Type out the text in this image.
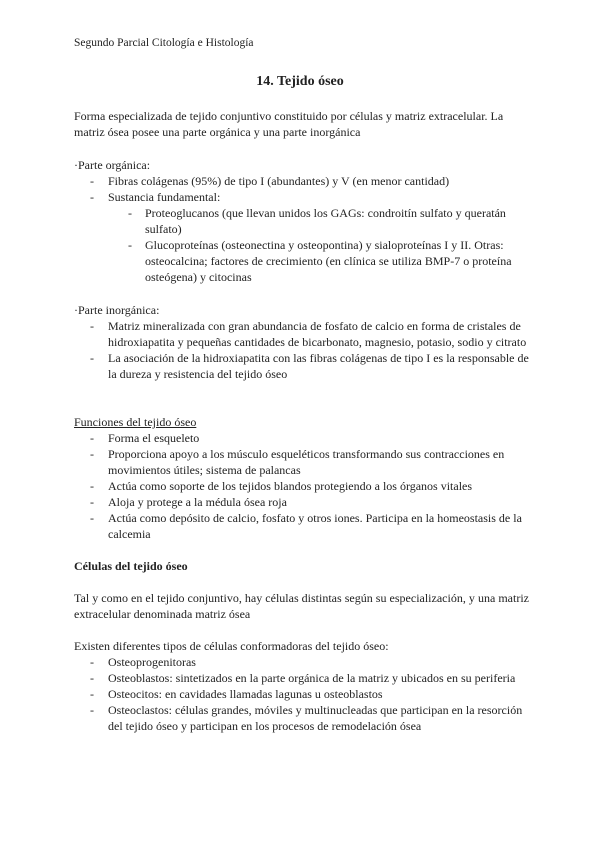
Segundo Parcial Citología e Histología
14. Tejido óseo
Forma especializada de tejido conjuntivo constituido por células y matriz extracelular. La matriz ósea posee una parte orgánica y una parte inorgánica
·Parte orgánica:
- Fibras colágenas (95%) de tipo I (abundantes) y V (en menor cantidad)
- Sustancia fundamental:
- Proteoglucanos (que llevan unidos los GAGs: condroitín sulfato y queratán sulfato)
- Glucoproteínas (osteonectina y osteopontina) y sialoproteínas I y II. Otras: osteocalcina; factores de crecimiento (en clínica se utiliza BMP-7 o proteína osteógena) y citocinas
·Parte inorgánica:
- Matriz mineralizada con gran abundancia de fosfato de calcio en forma de cristales de hidroxiapatita y pequeñas cantidades de bicarbonato, magnesio, potasio, sodio y citrato
- La asociación de la hidroxiapatita con las fibras colágenas de tipo I es la responsable de la dureza y resistencia del tejido óseo
Funciones del tejido óseo
- Forma el esqueleto
- Proporciona apoyo a los músculo esqueléticos transformando sus contracciones en movimientos útiles; sistema de palancas
- Actúa como soporte de los tejidos blandos protegiendo a los órganos vitales
- Aloja y protege a la médula ósea roja
- Actúa como depósito de calcio, fosfato y otros iones. Participa en la homeostasis de la calcemia
Células del tejido óseo
Tal y como en el tejido conjuntivo, hay células distintas según su especialización, y una matriz extracelular denominada matriz ósea
Existen diferentes tipos de células conformadoras del tejido óseo:
- Osteoprogenitoras
- Osteoblastos: sintetizados en la parte orgánica de la matriz y ubicados en su periferia
- Osteocitos: en cavidades llamadas lagunas u osteoblastos
- Osteoclastos: células grandes, móviles y multinucleadas que participan en la resorción del tejido óseo y participan en los procesos de remodelación ósea
